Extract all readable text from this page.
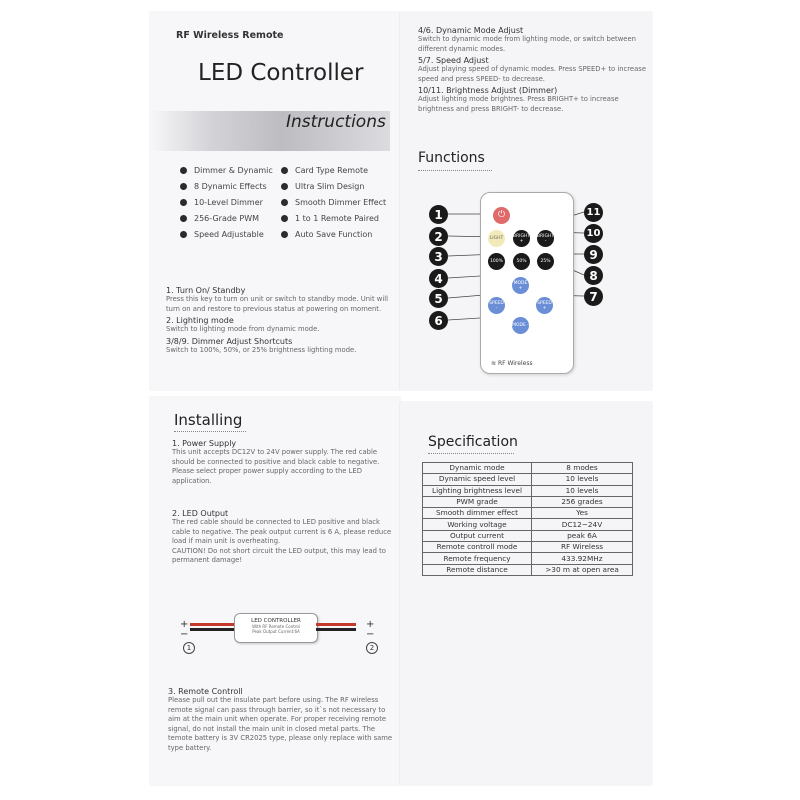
RF Wireless Remote
LED Controller
Instructions
Dimmer & Dynamic
8 Dynamic Effects
10-Level Dimmer
256-Grade PWM
Speed Adjustable
Card Type Remote
Ultra Slim Design
Smooth Dimmer Effect
1 to 1 Remote Paired
Auto Save Function
1. Turn On/ Standby
Press this key to turn on unit or switch to standby mode. Unit will turn on and restore to previous status at powering on moment.
2. Lighting mode
Switch to lighting mode from dynamic mode.
3/8/9. Dimmer Adjust Shortcuts
Switch to 100%, 50%, or 25% brightness lighting mode.
4/6. Dynamic Mode Adjust
Switch to dynamic mode from lighting mode, or switch between different dynamic modes.
5/7. Speed Adjust
Adjust playing speed of dynamic modes. Press SPEED+ to increase speed and press SPEED- to decrease.
10/11. Brightness Adjust (Dimmer)
Adjust lighting mode brightnes. Press BRIGHT+ to increase brightness and press BRIGHT- to decrease.
Functions
⏻
LIGHT	BRIGHT +
BRIGHT -
100%	50%	25%
MODE +
SPEED -
SPEED +
MODE -
≋ RF Wireless
1
2
3
4
5
6
7
8
9
10
11
Installing
1. Power Supply
This unit accepts DC12V to 24V power supply. The red cable should be connected to positive and black cable to negative. Please select proper power supply according to the LED application.
2. LED Output
The red cable should be connected to LED positive and black cable to negative. The peak output current is 6 A, please reduce load if main unit is overheating.
CAUTION! Do not short circuit the LED output, this may lead to permanent damage!
+
−
LED CONTROLLER
With RF Remote Control
Peak Output Current:6A
+
−
1	2
3. Remote Controll
Please pull out the insulate part before using. The RF wireless remote signal can pass through barrier, so it`s not necessary to aim at the main unit when operate. For proper receiving remote signal, do not install the main unit in closed metal parts. The temote battery is 3V CR2025 type, please only replace with same type battery.
Specification
Dynamic mode	8 modes
Dynamic speed level	10 levels
Lighting brightness level	10 levels
PWM grade	256 grades
Smooth dimmer effect	Yes
Working voltage	DC12~24V
Output current	peak 6A
Remote controll mode	RF Wireless
Remote frequency	433.92MHz
Remote distance	>30 m at open area
